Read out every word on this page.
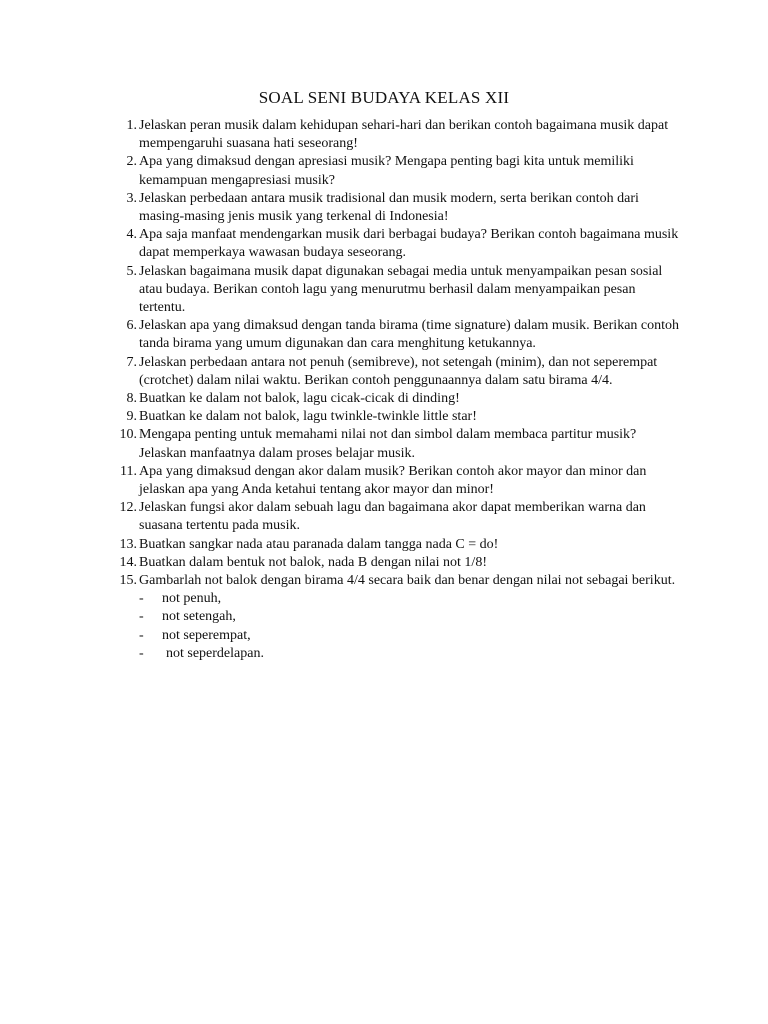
SOAL SENI BUDAYA KELAS XII
1. Jelaskan peran musik dalam kehidupan sehari-hari dan berikan contoh bagaimana musik dapat mempengaruhi suasana hati seseorang!
2. Apa yang dimaksud dengan apresiasi musik? Mengapa penting bagi kita untuk memiliki kemampuan mengapresiasi musik?
3. Jelaskan perbedaan antara musik tradisional dan musik modern, serta berikan contoh dari masing-masing jenis musik yang terkenal di Indonesia!
4. Apa saja manfaat mendengarkan musik dari berbagai budaya? Berikan contoh bagaimana musik dapat memperkaya wawasan budaya seseorang.
5. Jelaskan bagaimana musik dapat digunakan sebagai media untuk menyampaikan pesan sosial atau budaya. Berikan contoh lagu yang menurutmu berhasil dalam menyampaikan pesan tertentu.
6. Jelaskan apa yang dimaksud dengan tanda birama (time signature) dalam musik. Berikan contoh tanda birama yang umum digunakan dan cara menghitung ketukannya.
7. Jelaskan perbedaan antara not penuh (semibreve), not setengah (minim), dan not seperempat (crotchet) dalam nilai waktu. Berikan contoh penggunaannya dalam satu birama 4/4.
8. Buatkan ke dalam not balok, lagu cicak-cicak di dinding!
9. Buatkan ke dalam not balok, lagu twinkle-twinkle little star!
10. Mengapa penting untuk memahami nilai not dan simbol dalam membaca partitur musik? Jelaskan manfaatnya dalam proses belajar musik.
11. Apa yang dimaksud dengan akor dalam musik? Berikan contoh akor mayor dan minor dan jelaskan apa yang Anda ketahui tentang akor mayor dan minor!
12. Jelaskan fungsi akor dalam sebuah lagu dan bagaimana akor dapat memberikan warna dan suasana tertentu pada musik.
13. Buatkan sangkar nada atau paranada dalam tangga nada C = do!
14. Buatkan dalam bentuk not balok, nada B dengan nilai not 1/8!
15. Gambarlah not balok dengan birama 4/4 secara baik dan benar dengan nilai not sebagai berikut.
- not penuh,
- not setengah,
- not seperempat,
- not seperdelapan.
